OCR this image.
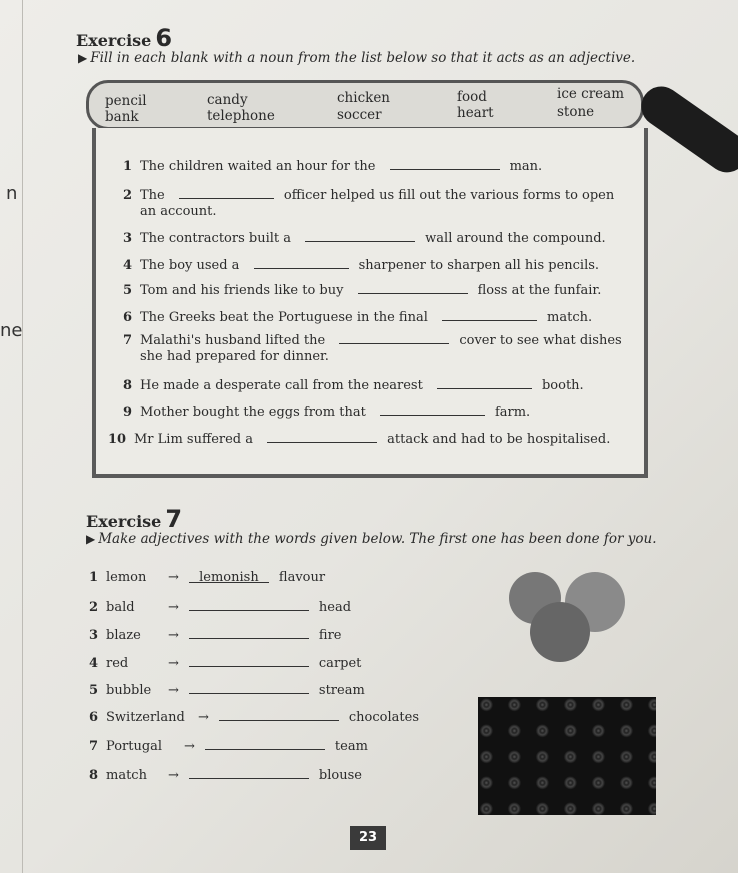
n
ne
Exercise 6
▶ Fill in each blank with a noun from the list below so that it acts as an adjective.
pencil
bank
candy
telephone
chicken
soccer
food
heart
ice cream
stone
1 The children waited an hour for the	man.
2 The	officer helped us fill out the various forms to open
an account.
3 The contractors built a	wall around the compound.
4 The boy used a	sharpener to sharpen all his pencils.
5 Tom and his friends like to buy	floss at the funfair.
6 The Greeks beat the Portuguese in the final	match.
7 Malathi's husband lifted the	cover to see what dishes
she had prepared for dinner.
8 He made a desperate call from the nearest	booth.
9 Mother bought the eggs from that	farm.
10 Mr Lim suffered a	attack and had to be hospitalised.
Exercise 7
▶ Make adjectives with the words given below. The first one has been done for you.
1 lemon → lemonish flavour
2 bald	→	head
3 blaze →	fire
4 red	→	carpet
5 bubble →	stream
6 Switzerland →	chocolates
7 Portugal →	team
8 match →	blouse
23
